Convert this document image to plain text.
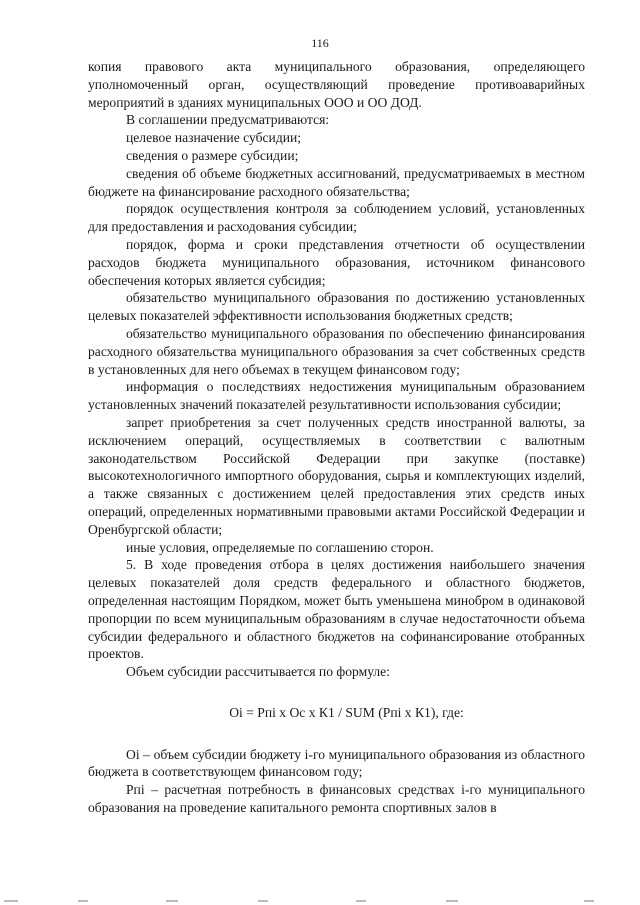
116

копия правового акта муниципального образования, определяющего уполномоченный орган, осуществляющий проведение противоаварийных мероприятий в зданиях муниципальных ООО и ОО ДОД.

В соглашении предусматриваются:

целевое назначение субсидии;

сведения о размере субсидии;

сведения об объеме бюджетных ассигнований, предусматриваемых в местном бюджете на финансирование расходного обязательства;

порядок осуществления контроля за соблюдением условий, установленных для предоставления и расходования субсидии;

порядок, форма и сроки представления отчетности об осуществлении расходов бюджета муниципального образования, источником финансового обеспечения которых является субсидия;

обязательство муниципального образования по достижению установленных целевых показателей эффективности использования бюджетных средств;

обязательство муниципального образования по обеспечению финансирования расходного обязательства муниципального образования за счет собственных средств в установленных для него объемах в текущем финансовом году;

информация о последствиях недостижения муниципальным образованием установленных значений показателей результативности использования субсидии;

запрет приобретения за счет полученных средств иностранной валюты, за исключением операций, осуществляемых в соответствии с валютным законодательством Российской Федерации при закупке (поставке) высокотехнологичного импортного оборудования, сырья и комплектующих изделий, а также связанных с достижением целей предоставления этих средств иных операций, определенных нормативными правовыми актами Российской Федерации и Оренбургской области;

иные условия, определяемые по соглашению сторон.

5. В ходе проведения отбора в целях достижения наибольшего значения целевых показателей доля средств федерального и областного бюджетов, определенная настоящим Порядком, может быть уменьшена минобром в одинаковой пропорции по всем муниципальным образованиям в случае недостаточности объема субсидии федерального и областного бюджетов на софинансирование отобранных проектов.

Объем субсидии рассчитывается по формуле:

Оi = Рпi х Ос х К1 / SUM (Рпi х К1), где:

Оi – объем субсидии бюджету i-го муниципального образования из областного бюджета в соответствующем финансовом году;

Рпi – расчетная потребность в финансовых средствах i-го муниципального образования на проведение капитального ремонта спортивных залов в
